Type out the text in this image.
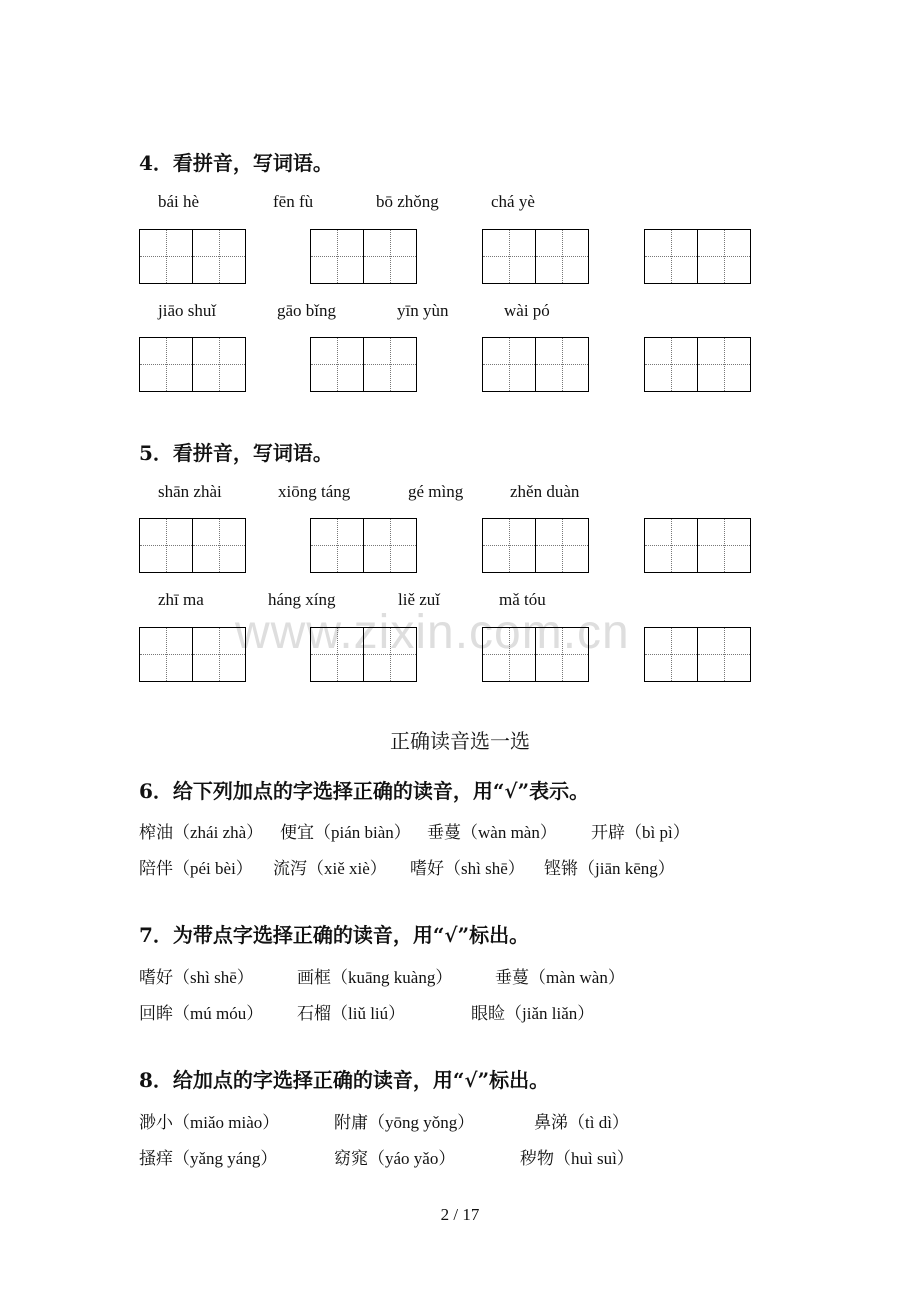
www.zixin.com.cn
4．看拼音，写词语。
bái hè	fēn fù	bō zhǒng	chá yè
jiāo shuǐ	gāo bǐng	yīn yùn	wài pó
5．看拼音，写词语。
shān zhài	xiōng táng	gé mìng	zhěn duàn
zhī ma	háng xíng	liě zuǐ	mǎ tóu
正确读音选一选
6．给下列加点的字选择正确的读音，用“√”表示。
榨油（zhái zhà） 便宜（pián biàn） 垂蔓（wàn màn） 开辟（bì pì）
陪伴（péi bèi） 流泻（xiě xiè） 嗜好（shì shē） 铿锵（jiān kēng）
7．为带点字选择正确的读音，用“√”标出。
嗜好（shì shē）	画框（kuāng kuàng）	垂蔓（màn wàn）
回眸（mú móu） 石榴（liǔ liú）	眼睑（jiǎn liǎn）
8．给加点的字选择正确的读音，用“√”标出。
渺小（miǎo miào）	附庸（yōng yǒng）	鼻涕（tì dì）
搔痒（yǎng yáng）	窈窕（yáo yǎo）	秽物（huì suì）
2 / 17
